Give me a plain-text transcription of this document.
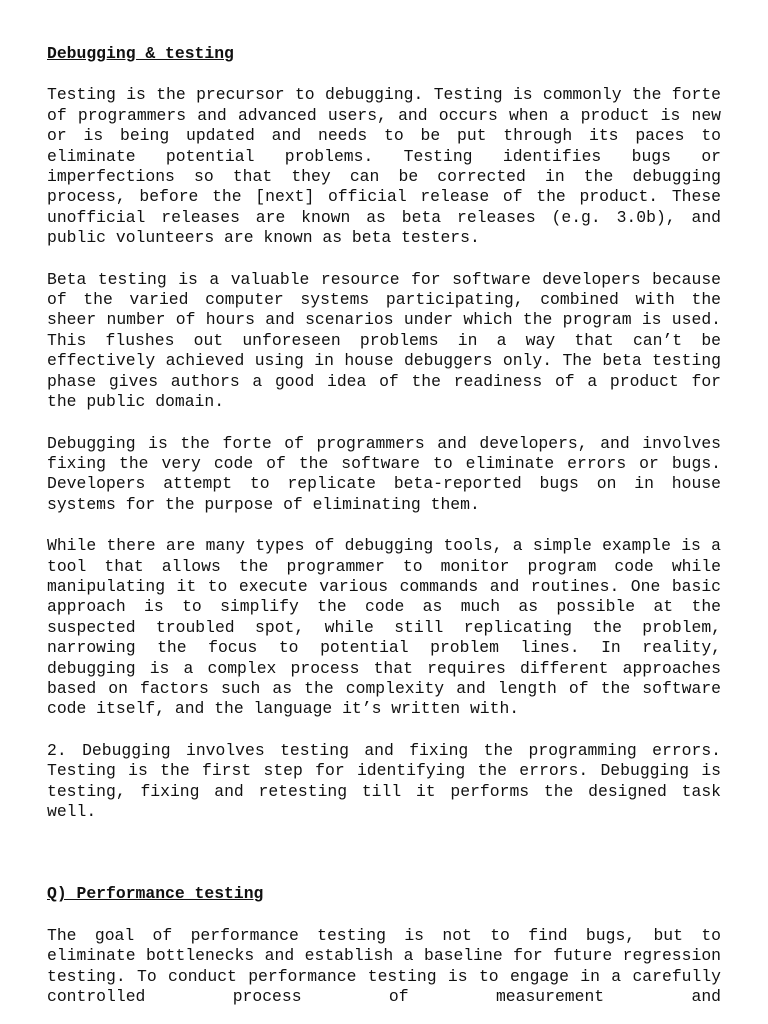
Debugging & testing

Testing is the precursor to debugging. Testing is commonly the forte of programmers and advanced users, and occurs when a product is new or is being updated and needs to be put through its paces to eliminate potential problems. Testing identifies bugs or imperfections so that they can be corrected in the debugging process, before the [next] official release of the product. These unofficial releases are known as beta releases (e.g. 3.0b), and public volunteers are known as beta testers.

Beta testing is a valuable resource for software developers because of the varied computer systems participating, combined with the sheer number of hours and scenarios under which the program is used. This flushes out unforeseen problems in a way that can’t be effectively achieved using in house debuggers only. The beta testing phase gives authors a good idea of the readiness of a product for the public domain.

Debugging is the forte of programmers and developers, and involves fixing the very code of the software to eliminate errors or bugs. Developers attempt to replicate beta-reported bugs on in house systems for the purpose of eliminating them.

While there are many types of debugging tools, a simple example is a tool that allows the programmer to monitor program code while manipulating it to execute various commands and routines. One basic approach is to simplify the code as much as possible at the suspected troubled spot, while still replicating the problem, narrowing the focus to potential problem lines. In reality, debugging is a complex process that requires different approaches based on factors such as the complexity and length of the software code itself, and the language it’s written with.

2. Debugging involves testing and fixing the programming errors. Testing is the first step for identifying the errors. Debugging is testing, fixing and retesting till it performs the designed task well.

Q) Performance testing

The goal of performance testing is not to find bugs, but to eliminate bottlenecks and establish a baseline for future regression testing. To conduct performance testing is to engage in a carefully controlled process of measurement and
